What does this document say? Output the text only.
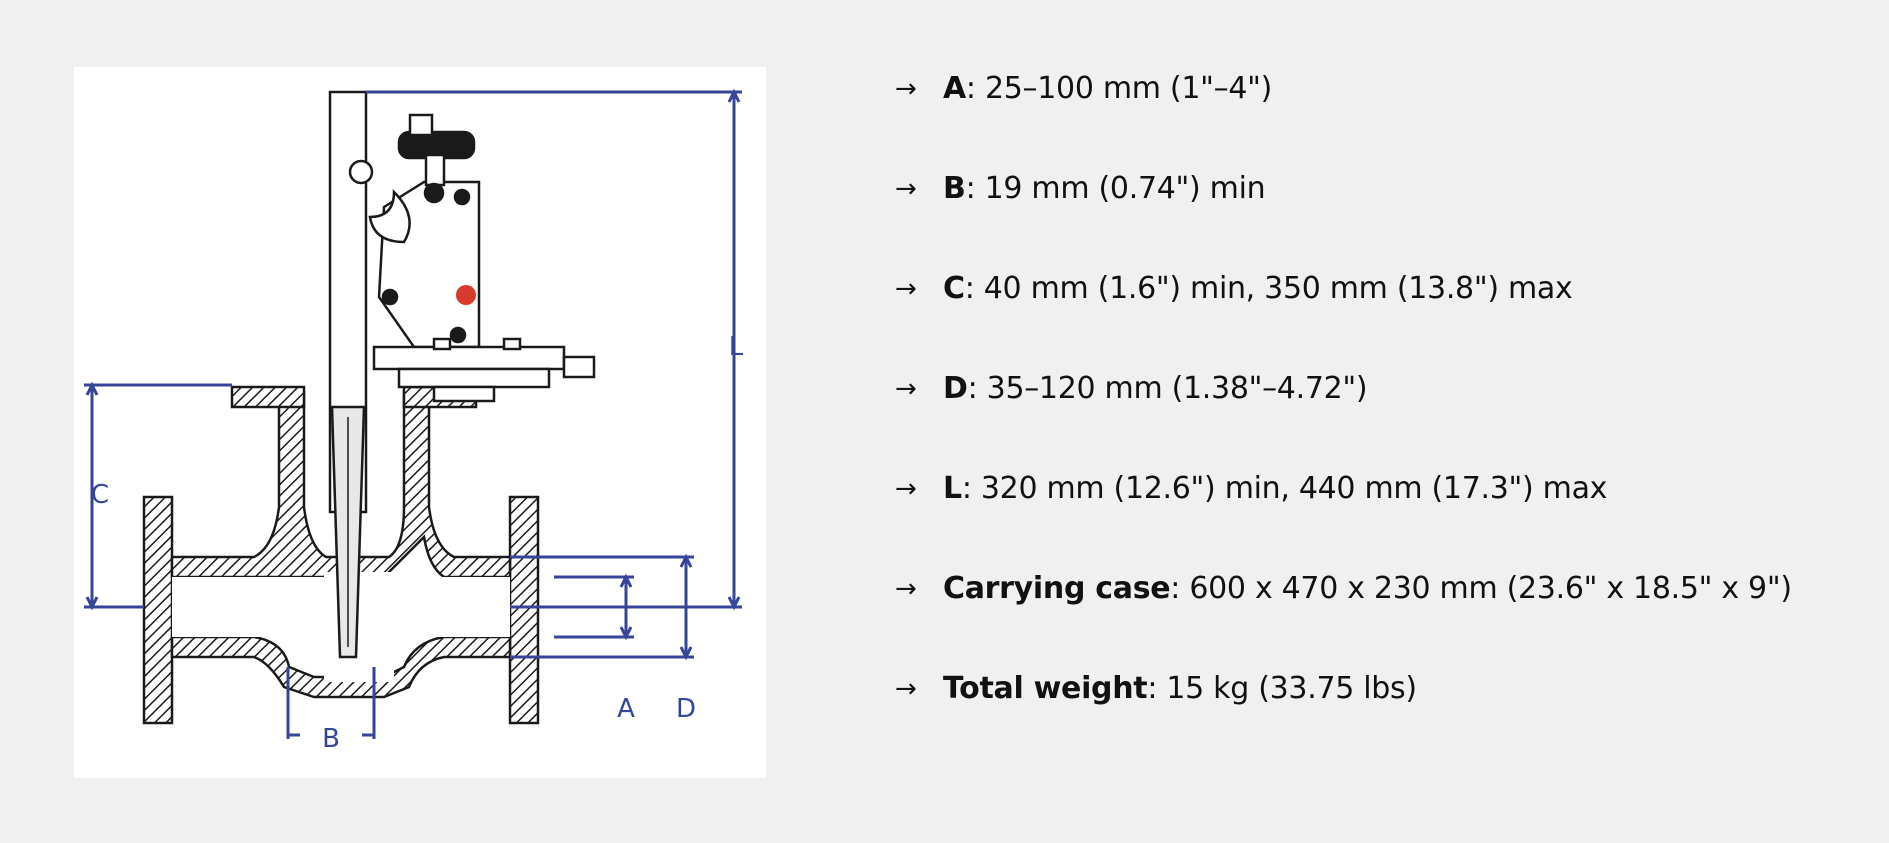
L
C
A D
B
→ A: 25–100 mm (1"–4")
→ B: 19 mm (0.74") min
→ C: 40 mm (1.6") min, 350 mm (13.8") max
→ D: 35–120 mm (1.38"–4.72")
→ L: 320 mm (12.6") min, 440 mm (17.3") max
→ Carrying case: 600 x 470 x 230 mm (23.6" x 18.5" x 9")
→ Total weight: 15 kg (33.75 lbs)
